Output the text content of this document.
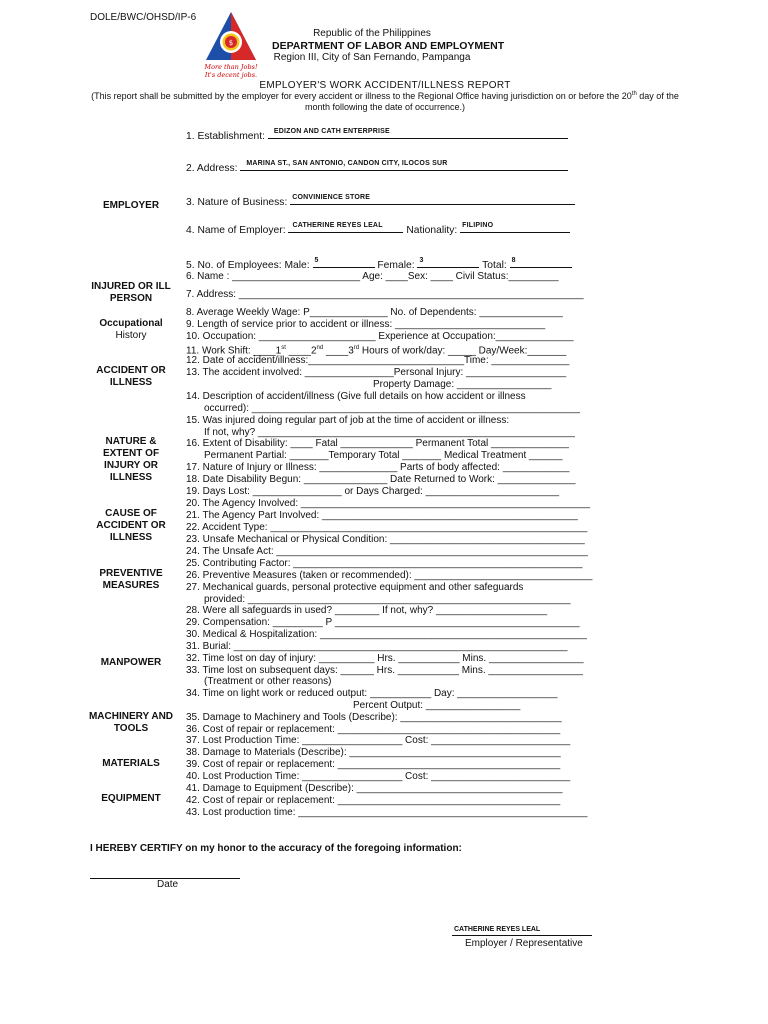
DOLE/BWC/OHSD/IP-6
$
More than Jobs!
It's decent jobs.
Republic of the Philippines
DEPARTMENT OF LABOR AND EMPLOYMENT
Region III, City of San Fernando, Pampanga
EMPLOYER'S WORK ACCIDENT/ILLNESS REPORT
(This report shall be submitted by the employer for every accident or illness to the Regional Office having jurisdiction on or before the 20th day of the month following the date of occurrence.)
EMPLOYER
INJURED OR ILL PERSON
Occupational
History
ACCIDENT OR ILLNESS
NATURE & EXTENT OF INJURY OR ILLNESS
CAUSE OF ACCIDENT OR ILLNESS
PREVENTIVE MEASURES
MANPOWER
MACHINERY AND TOOLS
MATERIALS
EQUIPMENT
1. Establishment: EDIZON AND CATH ENTERPRISE
2. Address: MARINA ST., SAN ANTONIO, CANDON CITY, ILOCOS SUR
3. Nature of Business: CONVINIENCE STORE
4. Name of Employer: CATHERINE REYES LEAL Nationality: FILIPINO
5. No. of Employees: Male: 5	Female: 3	Total: 8
6. Name : _______________________ Age: ____Sex: ____ Civil Status:_________
7. Address: ______________________________________________________________
8. Average Weekly Wage: P______________ No. of Dependents: _______________
9. Length of service prior to accident or illness: ___________________________
10. Occupation: _____________________ Experience at Occupation:______________
11. Work Shift: ____1st ____2nd ____3rd Hours of work/day: _____ Day/Week:_______
12. Date of accident/illness:____________________________Time: ______________
13. The accident involved: ________________Personal Injury: __________________
Property Damage: _________________
14. Description of accident/illness (Give full details on how accident or illness
occurred): ___________________________________________________________
15. Was injured doing regular part of job at the time of accident or illness:
If not, why? _________________________________________________________
16. Extent of Disability: ____ Fatal _____________ Permanent Total ______________
Permanent Partial: _______Temporary Total _______ Medical Treatment ______
17. Nature of Injury or Illness: ______________ Parts of body affected: ____________
18. Date Disability Begun: _______________ Date Returned to Work: ______________
19. Days Lost: ________________ or Days Charged: ________________________
20. The Agency Involved: ____________________________________________________
21. The Agency Part Involved: ______________________________________________
22. Accident Type: _________________________________________________________
23. Unsafe Mechanical or Physical Condition: ___________________________________
24. The Unsafe Act: ________________________________________________________
25. Contributing Factor: ____________________________________________________
26. Preventive Measures (taken or recommended): ________________________________
27. Mechanical guards, personal protective equipment and other safeguards
provided: __________________________________________________________
28. Were all safeguards in used? ________ If not, why? ____________________
29. Compensation: _________ P ____________________________________________
30. Medical & Hospitalization: ________________________________________________
31. Burial: ____________________________________________________________
32. Time lost on day of injury: __________ Hrs. ___________ Mins. _________________
33. Time lost on subsequent days: ______ Hrs. ___________ Mins. _________________
(Treatment or other reasons)
34. Time on light work or reduced output: ___________ Day: __________________
Percent Output: _________________
35. Damage to Machinery and Tools (Describe): _____________________________
36. Cost of repair or replacement: ________________________________________
37. Lost Production Time: __________________ Cost: _________________________
38. Damage to Materials (Describe): ______________________________________
39. Cost of repair or replacement: ________________________________________
40. Lost Production Time: __________________ Cost: _________________________
41. Damage to Equipment (Describe): _____________________________________
42. Cost of repair or replacement: ________________________________________
43. Lost production time: ____________________________________________________
I HEREBY CERTIFY on my honor to the accuracy of the foregoing information:
Date
CATHERINE REYES LEAL
Employer / Representative
